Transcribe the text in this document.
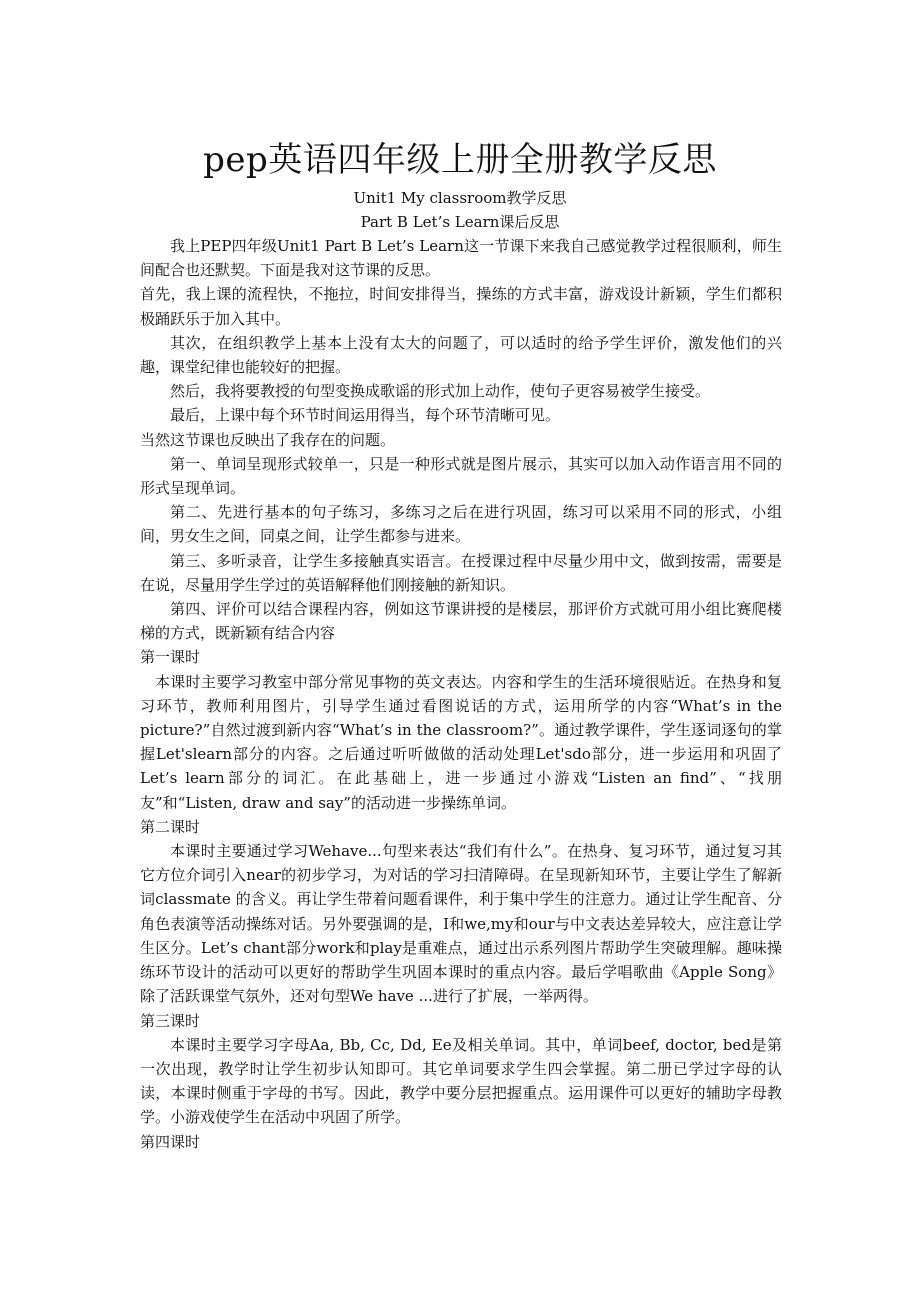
pep英语四年级上册全册教学反思
Unit1 My classroom教学反思
Part B Let’s Learn课后反思

我上PEP四年级Unit1 Part B Let’s Learn这一节课下来我自己感觉教学过程很顺利，师生间配合也还默契。下面是我对这节课的反思。

首先，我上课的流程快，不拖拉，时间安排得当，操练的方式丰富，游戏设计新颖，学生们都积极踊跃乐于加入其中。

其次，在组织教学上基本上没有太大的问题了，可以适时的给予学生评价，激发他们的兴趣，课堂纪律也能较好的把握。

然后，我将要教授的句型变换成歌谣的形式加上动作，使句子更容易被学生接受。

最后，上课中每个环节时间运用得当，每个环节清晰可见。

当然这节课也反映出了我存在的问题。

第一、单词呈现形式较单一，只是一种形式就是图片展示，其实可以加入动作语言用不同的形式呈现单词。

第二、先进行基本的句子练习，多练习之后在进行巩固，练习可以采用不同的形式，小组间，男女生之间，同桌之间，让学生都参与进来。

第三、多听录音，让学生多接触真实语言。在授课过程中尽量少用中文，做到按需，需要是在说，尽量用学生学过的英语解释他们刚接触的新知识。

第四、评价可以结合课程内容，例如这节课讲授的是楼层，那评价方式就可用小组比赛爬楼梯的方式，既新颖有结合内容

第一课时

本课时主要学习教室中部分常见事物的英文表达。内容和学生的生活环境很贴近。在热身和复习环节，教师利用图片，引导学生通过看图说话的方式，运用所学的内容“What’s in the picture?”自然过渡到新内容“What’s in the classroom?”。通过教学课件，学生逐词逐句的掌握Let'slearn部分的内容。之后通过听听做做的活动处理Let'sdo部分，进一步运用和巩固了Let’s learn部分的词汇。在此基础上，进一步通过小游戏“Listen an find”、“找朋友”和“Listen, draw and say”的活动进一步操练单词。

第二课时

本课时主要通过学习Wehave...句型来表达“我们有什么”。在热身、复习环节，通过复习其它方位介词引入near的初步学习，为对话的学习扫清障碍。在呈现新知环节，主要让学生了解新词classmate 的含义。再让学生带着问题看课件，利于集中学生的注意力。通过让学生配音、分角色表演等活动操练对话。另外要强调的是，I和we,my和our与中文表达差异较大，应注意让学生区分。Let’s chant部分work和play是重难点，通过出示系列图片帮助学生突破理解。趣味操练环节设计的活动可以更好的帮助学生巩固本课时的重点内容。最后学唱歌曲《Apple Song》除了活跃课堂气氛外，还对句型We have ...进行了扩展，一举两得。

第三课时

本课时主要学习字母Aa, Bb, Cc, Dd, Ee及相关单词。其中，单词beef, doctor, bed是第一次出现，教学时让学生初步认知即可。其它单词要求学生四会掌握。第二册已学过字母的认读，本课时侧重于字母的书写。因此，教学中要分层把握重点。运用课件可以更好的辅助字母教学。小游戏使学生在活动中巩固了所学。

第四课时
